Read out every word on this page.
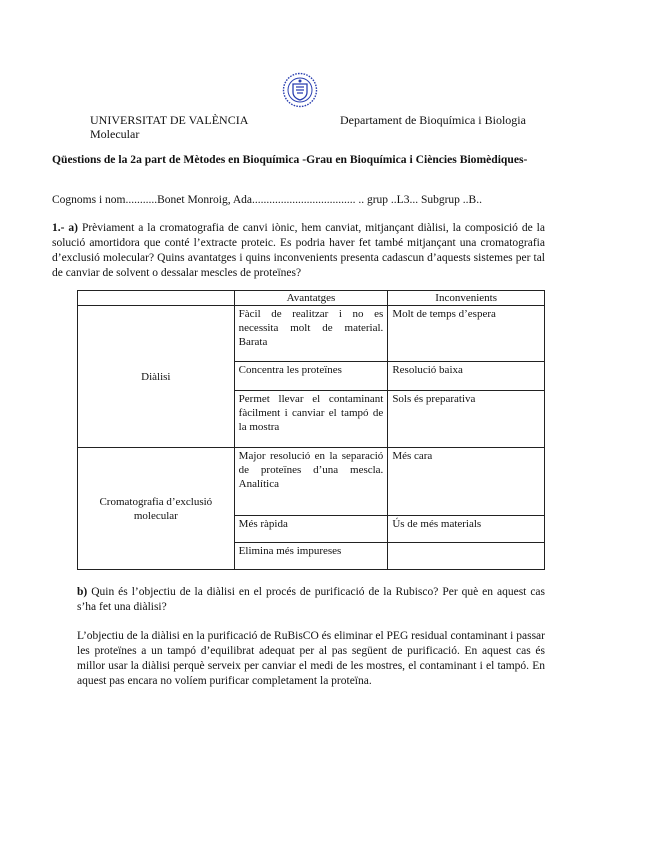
UNIVERSITAT DE VALÈNCIA	Departament de Bioquímica i Biologia
Molecular
Qüestions de la 2a part de Mètodes en Bioquímica -Grau en Bioquímica i Ciències Biomèdiques-
Cognoms i nom...........Bonet Monroig, Ada.................................... .. grup ..L3... Subgrup ..B..
1.- a) Prèviament a la cromatografia de canvi iònic, hem canviat, mitjançant diàlisi, la composició de la solució amortidora que conté l’extracte proteic. Es podria haver fet també mitjançant una cromatografia d’exclusió molecular? Quins avantatges i quins inconvenients presenta cadascun d’aquests sistemes per tal de canviar de solvent o dessalar mescles de proteïnes?
	Avantatges	Inconvenients
Diàlisi	Fàcil de realitzar i no es necessita molt de material. Barata	Molt de temps d’espera
	Concentra les proteïnes	Resolució baixa
	Permet llevar el contaminant fàcilment i canviar el tampó de la mostra	Sols és preparativa
Cromatografia d’exclusió molecular	Major resolució en la separació de proteïnes d’una mescla. Analítica	Més cara
	Més ràpida	Ús de més materials
	Elimina més impureses	
b) Quin és l’objectiu de la diàlisi en el procés de purificació de la Rubisco? Per què en aquest cas s’ha fet una diàlisi?
L’objectiu de la diàlisi en la purificació de RuBisCO és eliminar el PEG residual contaminant i passar les proteïnes a un tampó d’equilibrat adequat per al pas següent de purificació. En aquest cas és millor usar la diàlisi perquè serveix per canviar el medi de les mostres, el contaminant i el tampó. En aquest pas encara no volíem purificar completament la proteïna.
